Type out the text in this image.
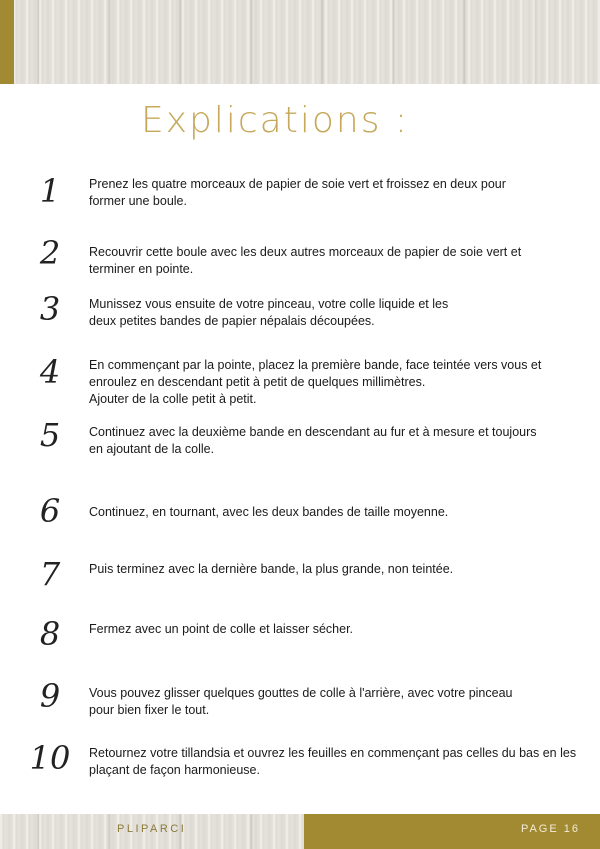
Explications :
1	Prenez les quatre morceaux de papier de soie vert et froissez en deux pour
former une boule.
2	Recouvrir cette boule avec les deux autres morceaux de papier de soie vert et
terminer en pointe.
3	Munissez vous ensuite de votre pinceau, votre colle liquide et les
deux petites bandes de papier népalais découpées.
4	En commençant par la pointe, placez la première bande, face teintée vers vous et
enroulez en descendant petit à petit de quelques millimètres.
Ajouter de la colle petit à petit.
5	Continuez avec la deuxième bande en descendant au fur et à mesure et toujours
en ajoutant de la colle.
6	Continuez, en tournant, avec les deux bandes de taille moyenne.
7	Puis terminez avec la dernière bande, la plus grande, non teintée.
8	Fermez avec un point de colle et laisser sécher.
9	Vous pouvez glisser quelques gouttes de colle à l'arrière, avec votre pinceau
pour bien fixer le tout.
10	Retournez votre tillandsia et ouvrez les feuilles en commençant pas celles du bas en les
plaçant de façon harmonieuse.
PLIPARCI	PAGE 16
